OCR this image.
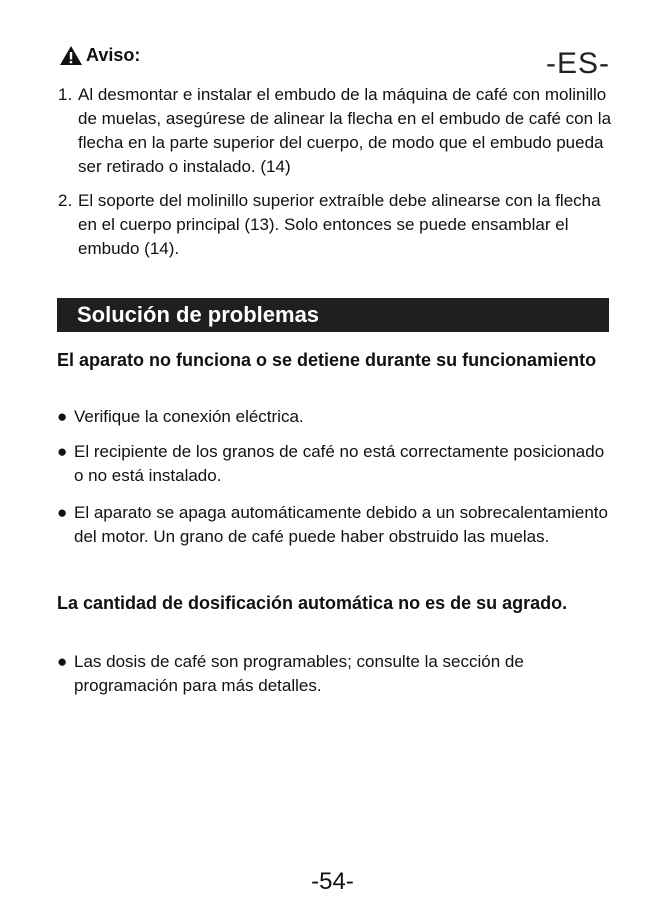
Aviso:	-ES-
1. Al desmontar e instalar el embudo de la máquina de café con molinillo de muelas, asegúrese de alinear la flecha en el embudo de café con la flecha en la parte superior del cuerpo, de modo que el embudo pueda ser retirado o instalado. (14)
2. El soporte del molinillo superior extraíble debe alinearse con la flecha en el cuerpo principal (13). Solo entonces se puede ensamblar el embudo (14).
Solución de problemas
El aparato no funciona o se detiene durante su funcionamiento
● Verifique la conexión eléctrica.
● El recipiente de los granos de café no está correctamente posicionado o no está instalado.
● El aparato se apaga automáticamente debido a un sobrecalentamiento del motor. Un grano de café puede haber obstruido las muelas.
La cantidad de dosificación automática no es de su agrado.
● Las dosis de café son programables; consulte la sección de programación para más detalles.
-54-
